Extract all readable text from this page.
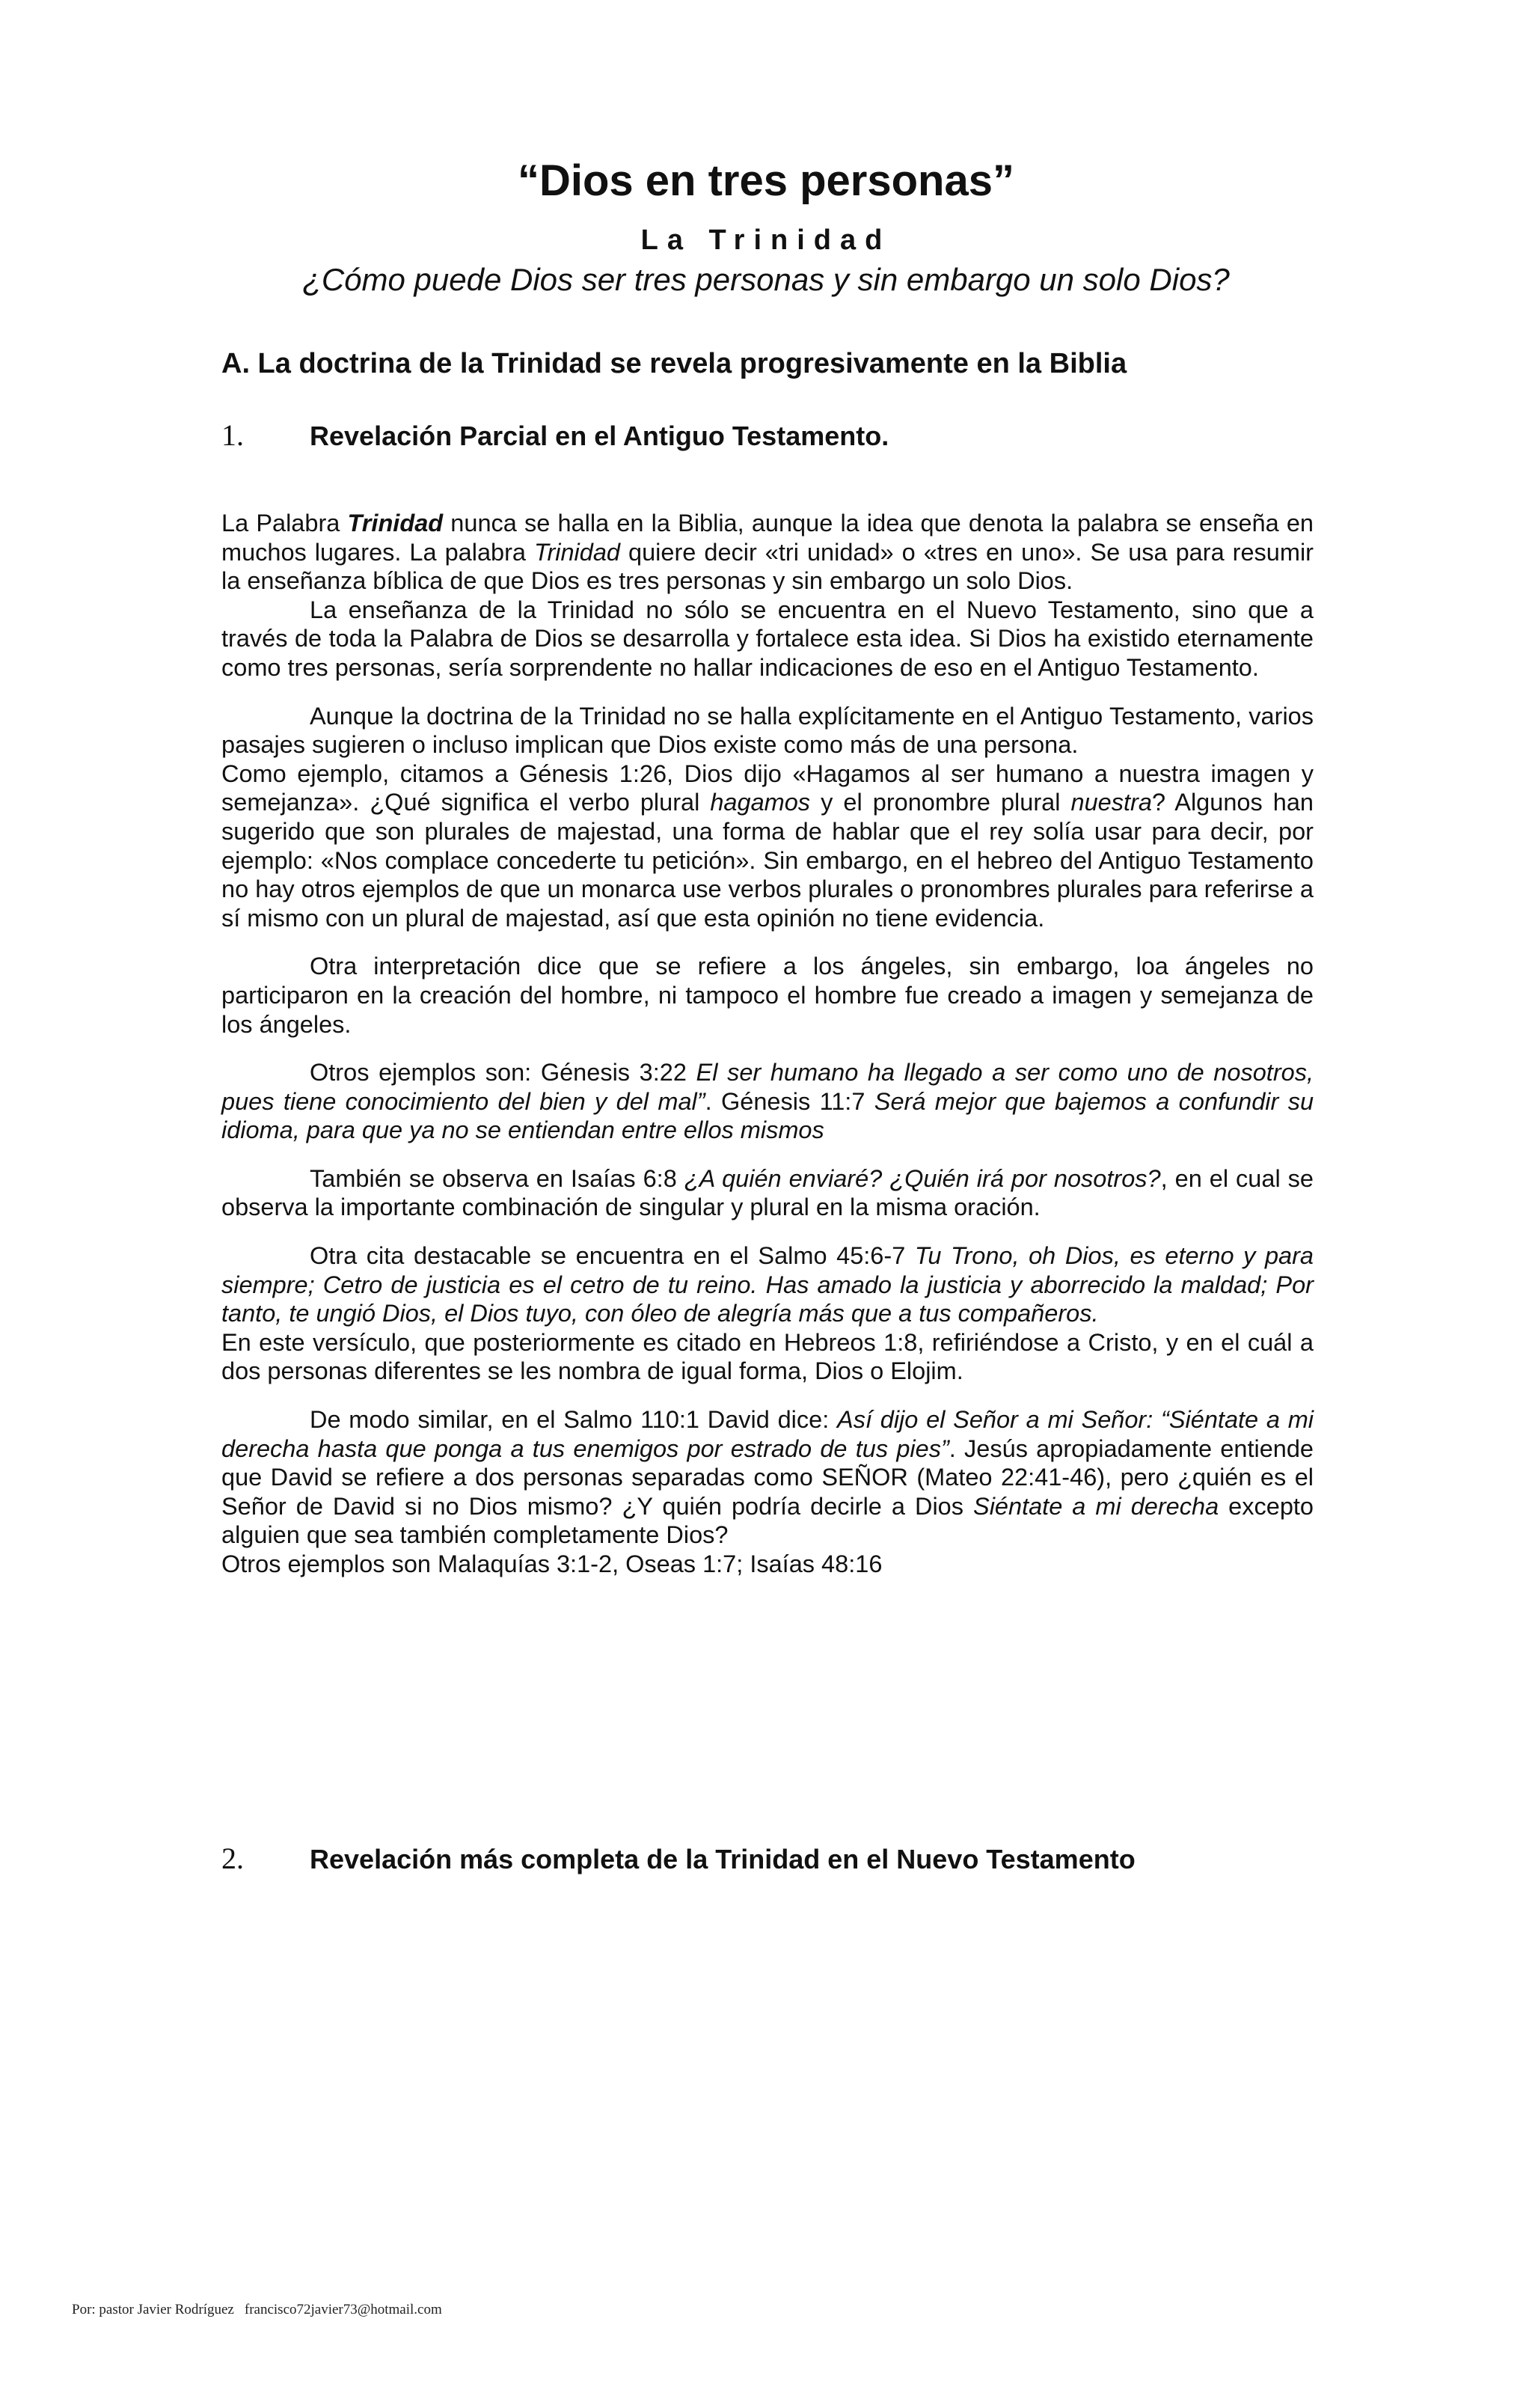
“Dios en tres personas”
La Trinidad
¿Cómo puede Dios ser tres personas y sin embargo un solo Dios?
A. La doctrina de la Trinidad se revela progresivamente en la Biblia
1. Revelación Parcial en el Antiguo Testamento.

La Palabra Trinidad nunca se halla en la Biblia, aunque la idea que denota la palabra se enseña en muchos lugares. La palabra Trinidad quiere decir «tri unidad» o «tres en uno». Se usa para resumir la enseñanza bíblica de que Dios es tres personas y sin embargo un solo Dios.

La enseñanza de la Trinidad no sólo se encuentra en el Nuevo Testamento, sino que a través de toda la Palabra de Dios se desarrolla y fortalece esta idea. Si Dios ha existido eternamente como tres personas, sería sorprendente no hallar indicaciones de eso en el Antiguo Testamento.

Aunque la doctrina de la Trinidad no se halla explícitamente en el Antiguo Testamento, varios pasajes sugieren o incluso implican que Dios existe como más de una persona.

Como ejemplo, citamos a Génesis 1:26, Dios dijo «Hagamos al ser humano a nuestra imagen y semejanza». ¿Qué significa el verbo plural hagamos y el pronombre plural nuestra? Algunos han sugerido que son plurales de majestad, una forma de hablar que el rey solía usar para decir, por ejemplo: «Nos complace concederte tu petición». Sin embargo, en el hebreo del Antiguo Testamento no hay otros ejemplos de que un monarca use verbos plurales o pronombres plurales para referirse a sí mismo con un plural de majestad, así que esta opinión no tiene evidencia.

Otra interpretación dice que se refiere a los ángeles, sin embargo, loa ángeles no participaron en la creación del hombre, ni tampoco el hombre fue creado a imagen y semejanza de los ángeles.

Otros ejemplos son: Génesis 3:22 El ser humano ha llegado a ser como uno de nosotros, pues tiene conocimiento del bien y del mal”. Génesis 11:7 Será mejor que bajemos a confundir su idioma, para que ya no se entiendan entre ellos mismos

También se observa en Isaías 6:8 ¿A quién enviaré? ¿Quién irá por nosotros?, en el cual se observa la importante combinación de singular y plural en la misma oración.

Otra cita destacable se encuentra en el Salmo 45:6-7 Tu Trono, oh Dios, es eterno y para siempre; Cetro de justicia es el cetro de tu reino. Has amado la justicia y aborrecido la maldad; Por tanto, te ungió Dios, el Dios tuyo, con óleo de alegría más que a tus compañeros.

En este versículo, que posteriormente es citado en Hebreos 1:8, refiriéndose a Cristo, y en el cuál a dos personas diferentes se les nombra de igual forma, Dios o Elojim.

De modo similar, en el Salmo 110:1 David dice: Así dijo el Señor a mi Señor: “Siéntate a mi derecha hasta que ponga a tus enemigos por estrado de tus pies”. Jesús apropiadamente entiende que David se refiere a dos personas separadas como SEÑOR (Mateo 22:41-46), pero ¿quién es el Señor de David si no Dios mismo? ¿Y quién podría decirle a Dios Siéntate a mi derecha excepto alguien que sea también completamente Dios?

Otros ejemplos son Malaquías 3:1-2, Oseas 1:7; Isaías 48:16

2. Revelación más completa de la Trinidad en el Nuevo Testamento
Por: pastor Javier Rodríguez francisco72javier73@hotmail.com
